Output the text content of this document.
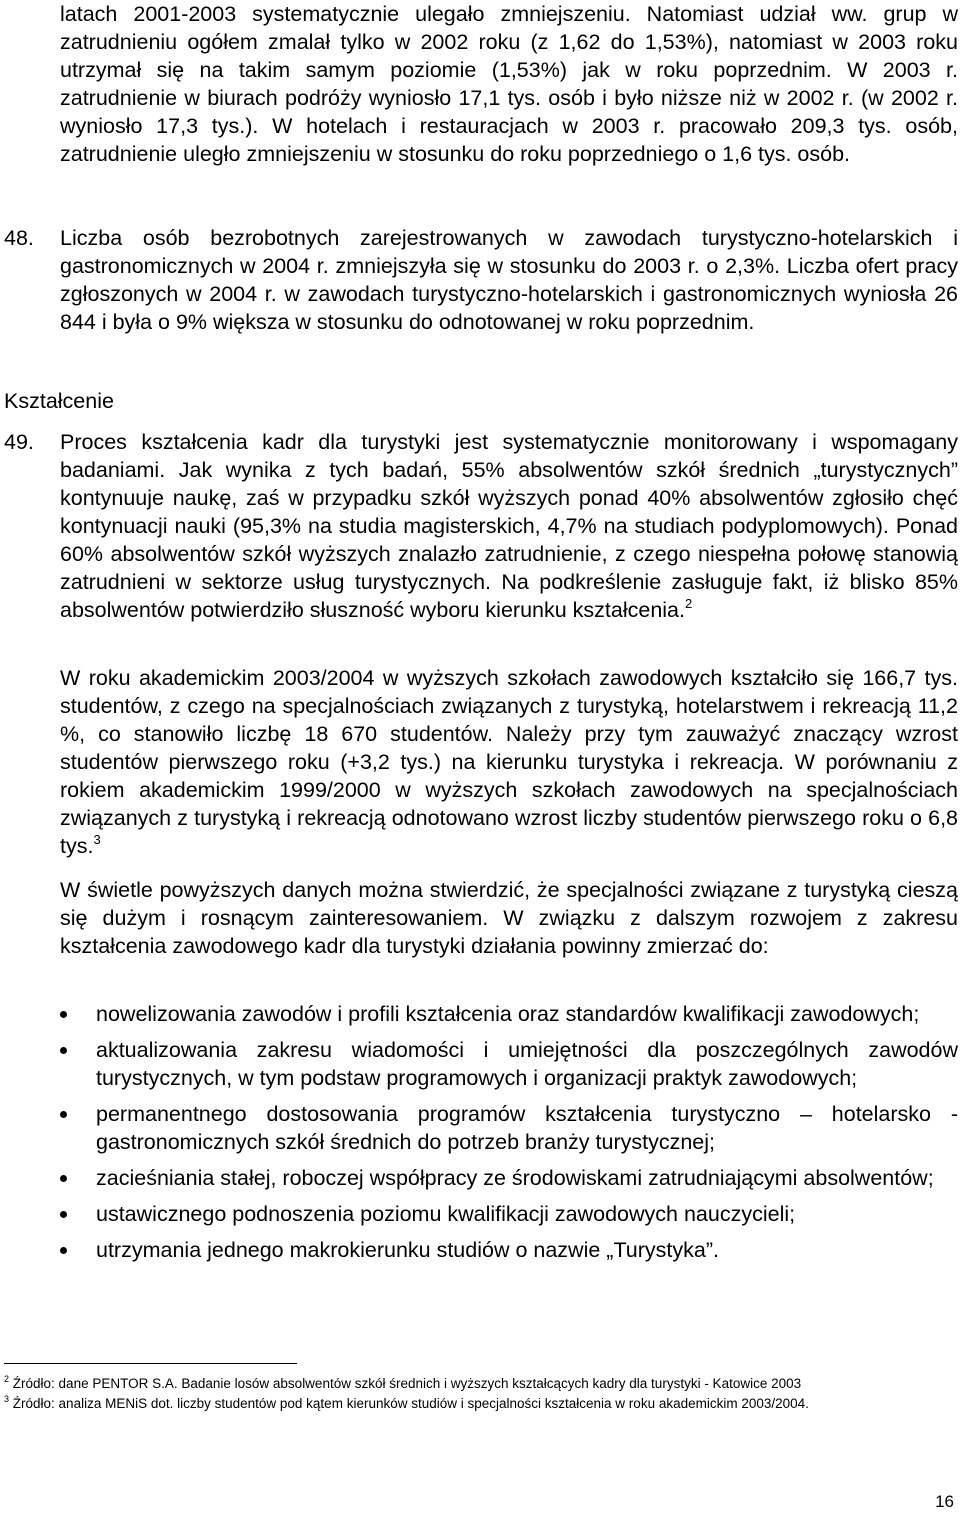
latach 2001-2003 systematycznie ulegało zmniejszeniu. Natomiast udział ww. grup w zatrudnieniu ogółem zmalał tylko w 2002 roku (z 1,62 do 1,53%), natomiast w 2003 roku utrzymał się na takim samym poziomie (1,53%) jak w roku poprzednim. W 2003 r. zatrudnienie w biurach podróży wyniosło 17,1 tys. osób i było niższe niż w 2002 r. (w 2002 r. wyniosło 17,3 tys.). W hotelach i restauracjach w 2003 r. pracowało 209,3 tys. osób, zatrudnienie uległo zmniejszeniu w stosunku do roku poprzedniego o 1,6 tys. osób.

48. Liczba osób bezrobotnych zarejestrowanych w zawodach turystyczno-hotelarskich i gastronomicznych w 2004 r. zmniejszyła się w stosunku do 2003 r. o 2,3%. Liczba ofert pracy zgłoszonych w 2004 r. w zawodach turystyczno-hotelarskich i gastronomicznych wyniosła 26 844 i była o 9% większa w stosunku do odnotowanej w roku poprzednim.

Kształcenie
49. Proces kształcenia kadr dla turystyki jest systematycznie monitorowany i wspomagany badaniami. Jak wynika z tych badań, 55% absolwentów szkół średnich „turystycznych” kontynuuje naukę, zaś w przypadku szkół wyższych ponad 40% absolwentów zgłosiło chęć kontynuacji nauki (95,3% na studia magisterskich, 4,7% na studiach podyplomowych). Ponad 60% absolwentów szkół wyższych znalazło zatrudnienie, z czego niespełna połowę stanowią zatrudnieni w sektorze usług turystycznych. Na podkreślenie zasługuje fakt, iż blisko 85% absolwentów potwierdziło słuszność wyboru kierunku kształcenia.$^2$

W roku akademickim 2003/2004 w wyższych szkołach zawodowych kształciło się 166,7 tys. studentów, z czego na specjalnościach związanych z turystyką, hotelarstwem i rekreacją 11,2 %, co stanowiło liczbę 18 670 studentów. Należy przy tym zauważyć znaczący wzrost studentów pierwszego roku (+3,2 tys.) na kierunku turystyka i rekreacja. W porównaniu z rokiem akademickim 1999/2000 w wyższych szkołach zawodowych na specjalnościach związanych z turystyką i rekreacją odnotowano wzrost liczby studentów pierwszego roku o 6,8 tys.$^3$
W świetle powyższych danych można stwierdzić, że specjalności związane z turystyką cieszą się dużym i rosnącym zainteresowaniem. W związku z dalszym rozwojem z zakresu kształcenia zawodowego kadr dla turystyki działania powinny zmierzać do:
nowelizowania zawodów i profili kształcenia oraz standardów kwalifikacji zawodowych;
aktualizowania zakresu wiadomości i umiejętności dla poszczególnych zawodów turystycznych, w tym podstaw programowych i organizacji praktyk zawodowych;
permanentnego dostosowania programów kształcenia turystyczno – hotelarsko - gastronomicznych szkół średnich do potrzeb branży turystycznej;
zacieśniania stałej, roboczej współpracy ze środowiskami zatrudniającymi absolwentów;
ustawicznego podnoszenia poziomu kwalifikacji zawodowych nauczycieli;
utrzymania jednego makrokierunku studiów o nazwie „Turystyka”.

$^2$ Źródło: dane PENTOR S.A. Badanie losów absolwentów szkół średnich i wyższych kształcących kadry dla turystyki - Katowice 2003

$^3$ Źródło: analiza MENiS dot. liczby studentów pod kątem kierunków studiów i specjalności kształcenia w roku akademickim 2003/2004.

16
